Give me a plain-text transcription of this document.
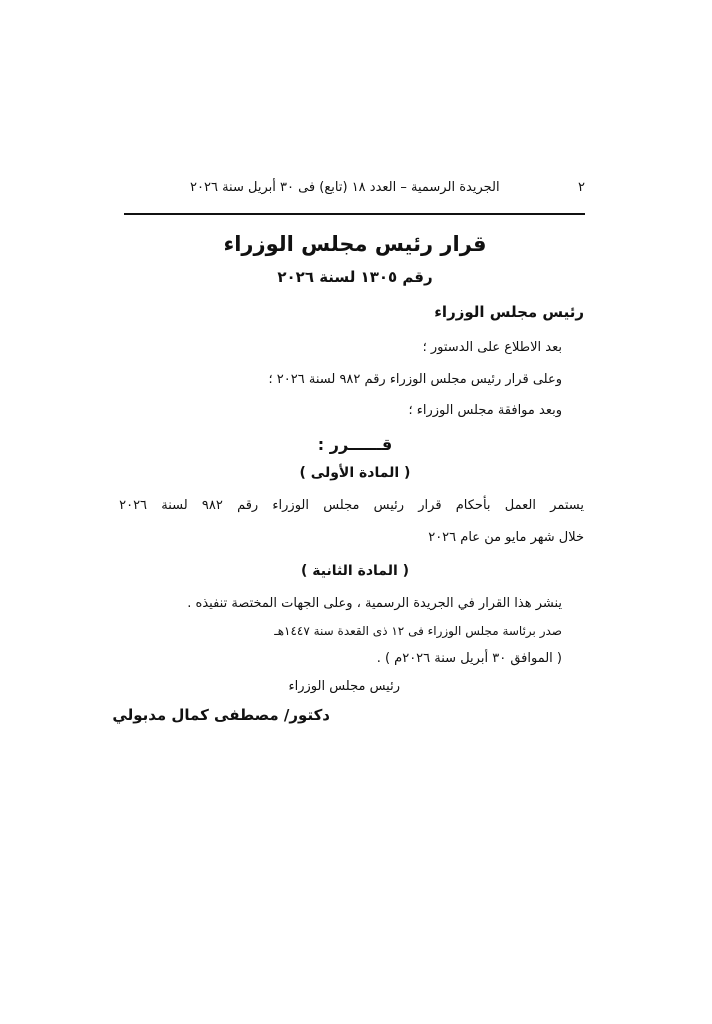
٢
الجريدة الرسمية – العدد ١٨ (تابع) فى ٣٠ أبريل سنة ٢٠٢٦
قرار رئيس مجلس الوزراء
رقم ١٣٠٥ لسنة ٢٠٢٦
رئيس مجلس الوزراء
بعد الاطلاع على الدستور ؛
وعلى قرار رئيس مجلس الوزراء رقم ٩٨٢ لسنة ٢٠٢٦ ؛
وبعد موافقة مجلس الوزراء ؛
قــــــرر :
( المادة الأولى )
يستمر
العمل
بأحكام
قرار
رئيس
مجلس
الوزراء
رقم
٩٨٢
لسنة
٢٠٢٦
خلال شهر مايو من عام ٢٠٢٦
( المادة الثانية )
ينشر هذا القرار في الجريدة الرسمية ، وعلى الجهات المختصة تنفيذه .
صدر برئاسة مجلس الوزراء فى ١٢ ذى القعدة سنة ١٤٤٧هـ
( الموافق ٣٠ أبريل سنة ٢٠٢٦م ) .
رئيس مجلس الوزراء
دكتور/ مصطفى كمال مدبولي
